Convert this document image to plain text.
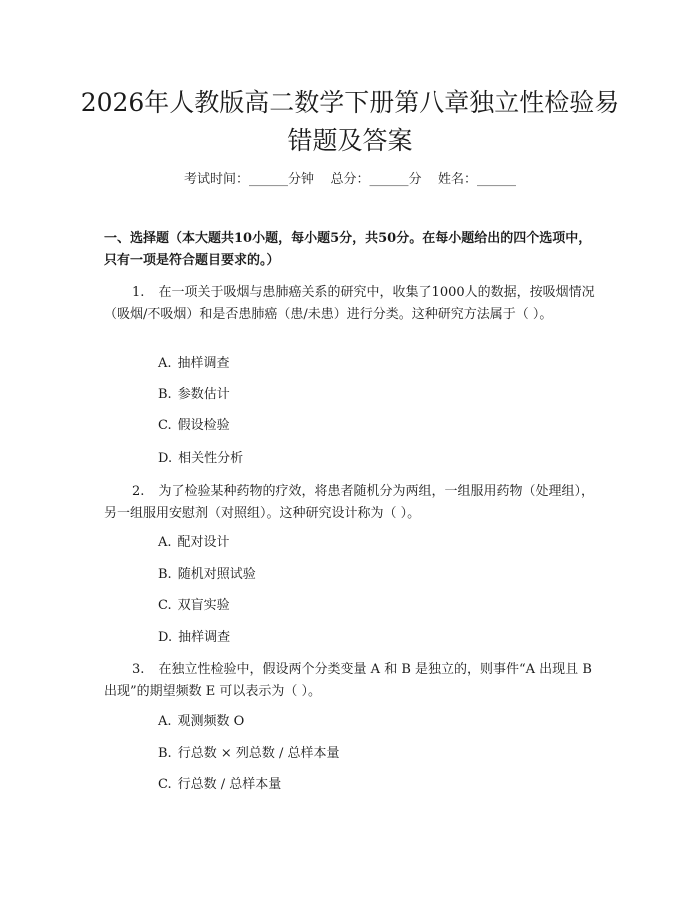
2026年人教版高二数学下册第八章独立性检验易错题及答案
考试时间：______分钟    总分：______分    姓名：______

一、选择题（本大题共10小题，每小题5分，共50分。在每小题给出的四个选项中，只有一项是符合题目要求的。）

1. 在一项关于吸烟与患肺癌关系的研究中，收集了1000人的数据，按吸烟情况（吸烟/不吸烟）和是否患肺癌（患/未患）进行分类。这种研究方法属于（ ）。

A. 抽样调查

B. 参数估计

C. 假设检验

D. 相关性分析

2. 为了检验某种药物的疗效，将患者随机分为两组，一组服用药物（处理组），另一组服用安慰剂（对照组）。这种研究设计称为（ ）。

A. 配对设计

B. 随机对照试验

C. 双盲实验

D. 抽样调查

3. 在独立性检验中，假设两个分类变量 A 和 B 是独立的，则事件“A 出现且 B 出现”的期望频数 E 可以表示为（ ）。

A. 观测频数 O

B. 行总数 × 列总数 / 总样本量

C. 行总数 / 总样本量
